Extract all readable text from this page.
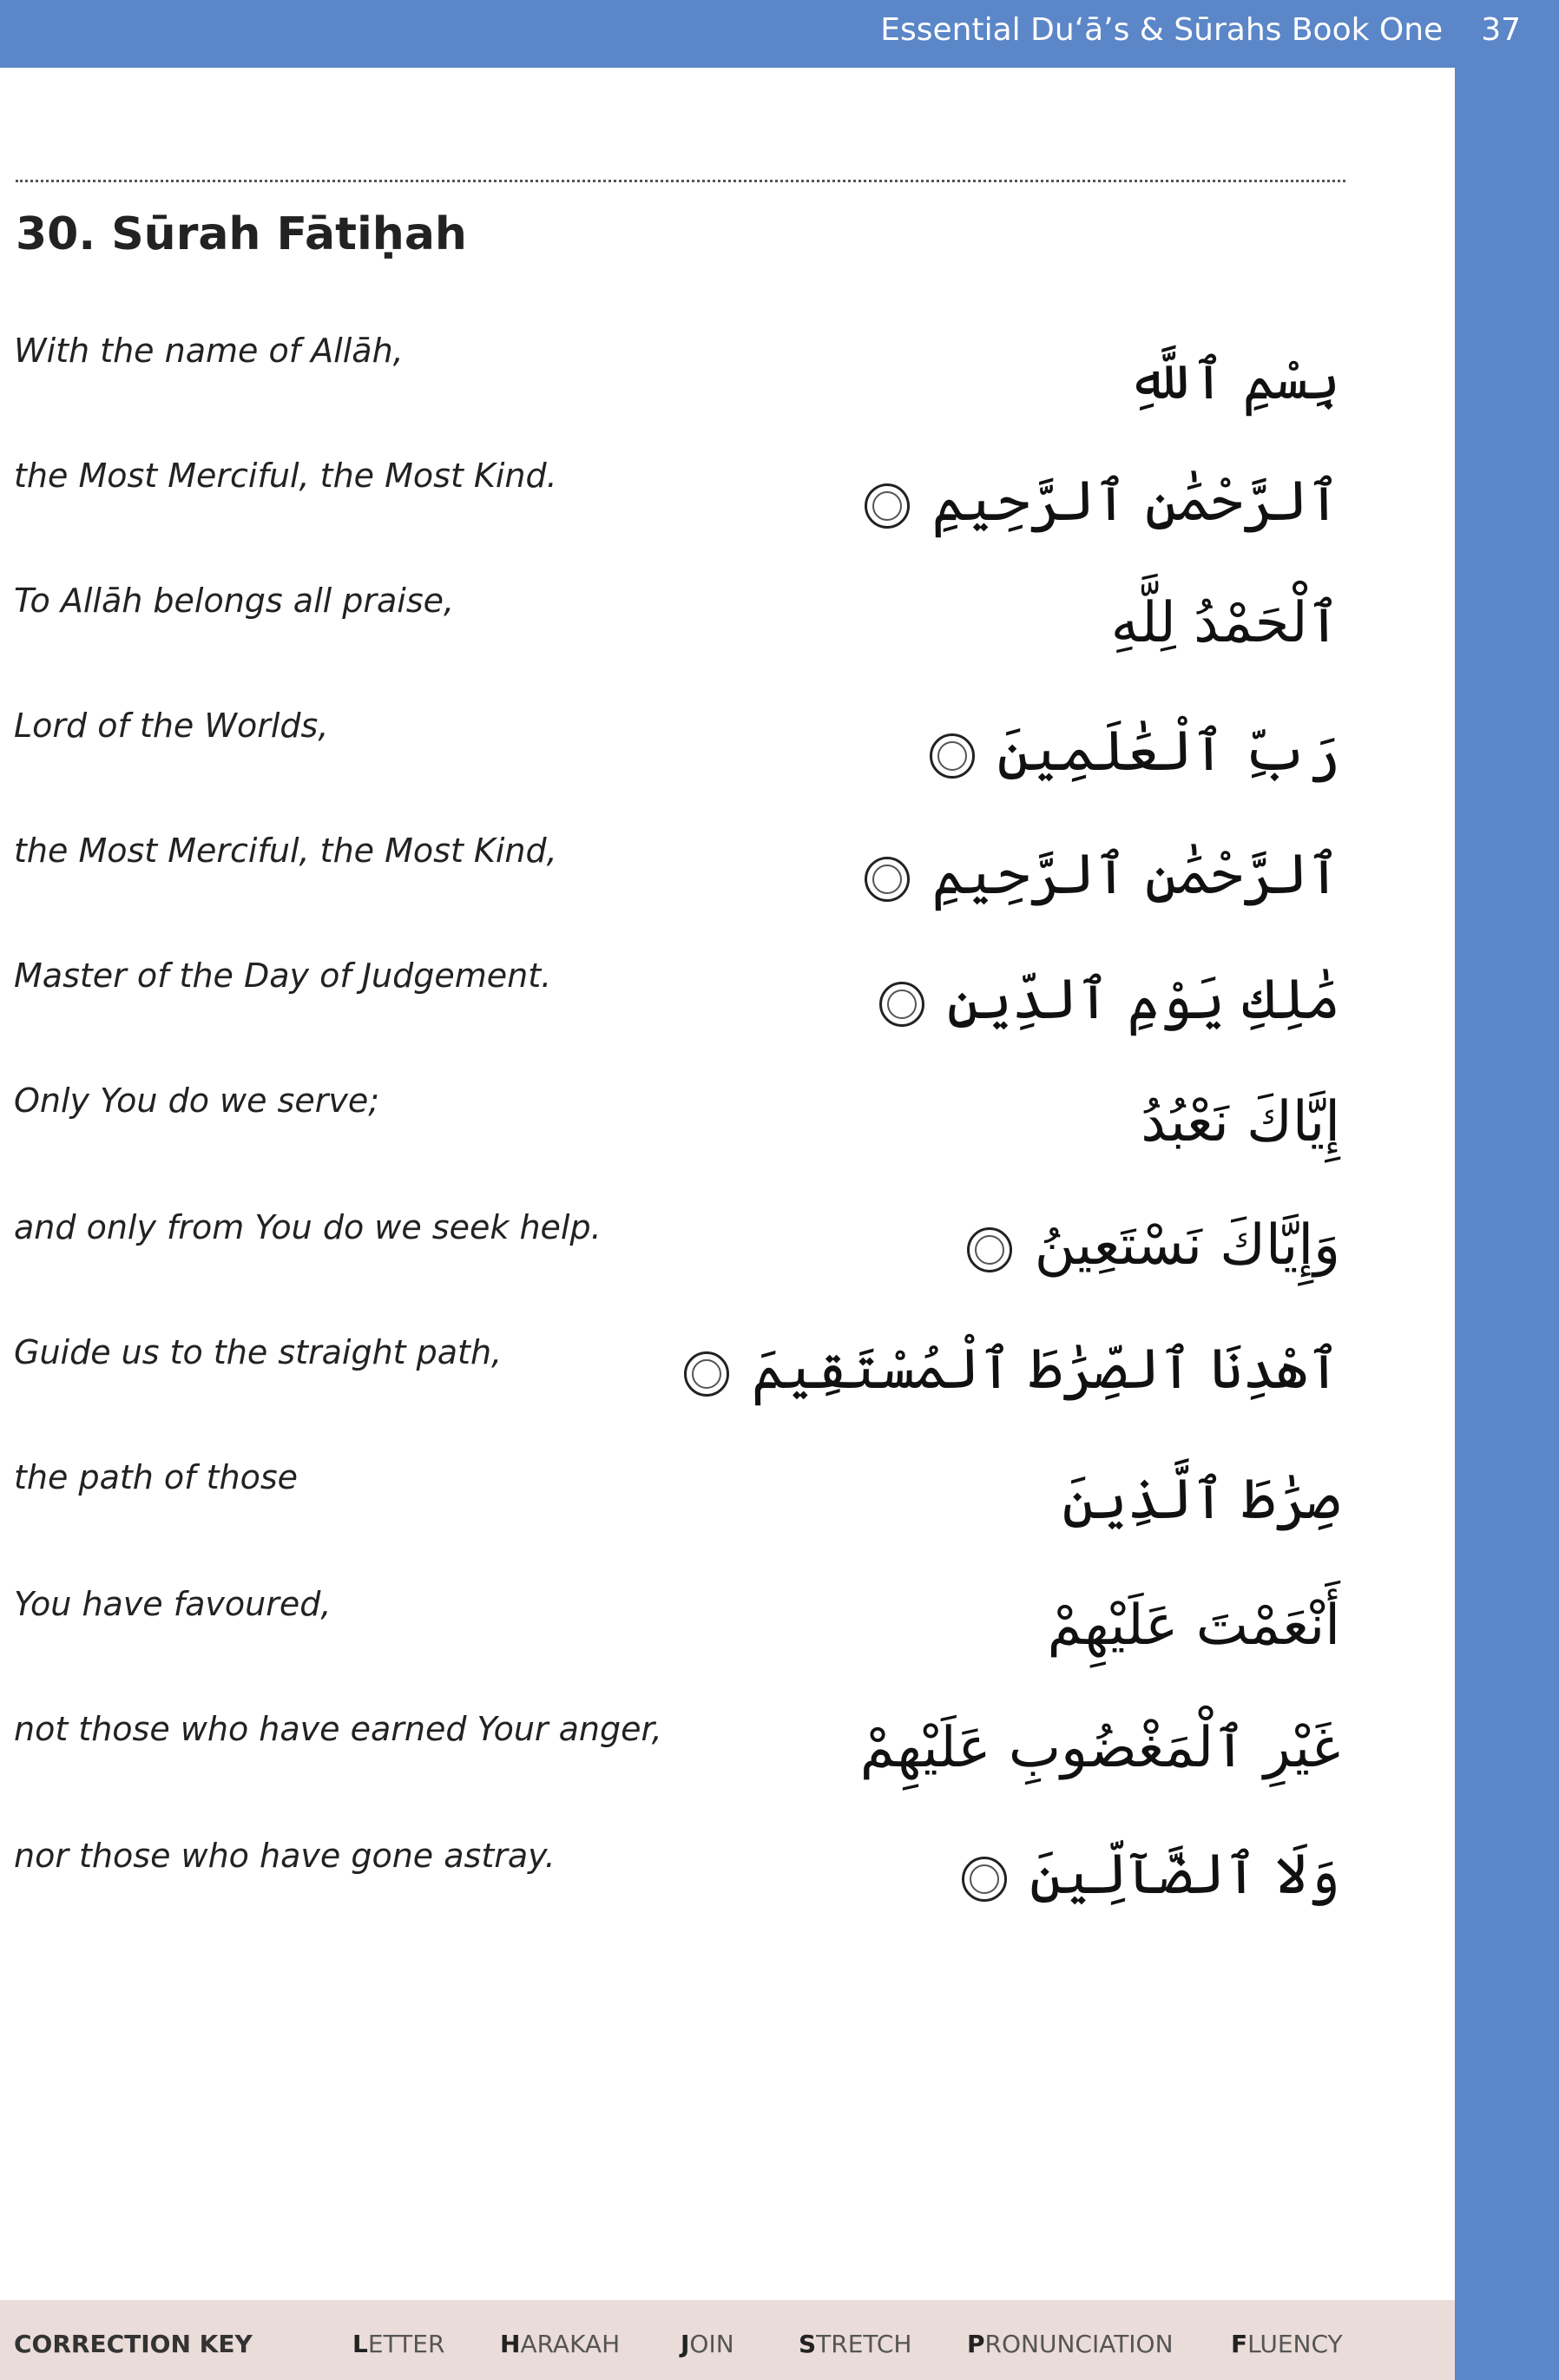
Essential Du‘ā’s & Sūrahs Book One 37
30. Sūrah Fātiḥah
With the name of Allāh,	بِسْمِ ٱللَّهِ
the Most Merciful, the Most Kind.	ٱلرَّحْمَٰنِ ٱلرَّحِيمِ
To Allāh belongs all praise,	ٱلْحَمْدُ لِلَّهِ
Lord of the Worlds,	رَبِّ ٱلْعَٰلَمِينَ
the Most Merciful, the Most Kind,	ٱلرَّحْمَٰنِ ٱلرَّحِيمِ
Master of the Day of Judgement.	مَٰلِكِ يَوْمِ ٱلدِّينِ
Only You do we serve;	إِيَّاكَ نَعْبُدُ
and only from You do we seek help.	وَإِيَّاكَ نَسْتَعِينُ
Guide us to the straight path,	ٱهْدِنَا ٱلصِّرَٰطَ ٱلْمُسْتَقِيمَ
the path of those	صِرَٰطَ ٱلَّذِينَ
You have favoured,	أَنْعَمْتَ عَلَيْهِمْ
not those who have earned Your anger,	غَيْرِ ٱلْمَغْضُوبِ عَلَيْهِمْ
nor those who have gone astray.	وَلَا ٱلضَّآلِّينَ
CORRECTION KEY	LETTER HARAKAH JOIN	STRETCH PRONUNCIATION FLUENCY
